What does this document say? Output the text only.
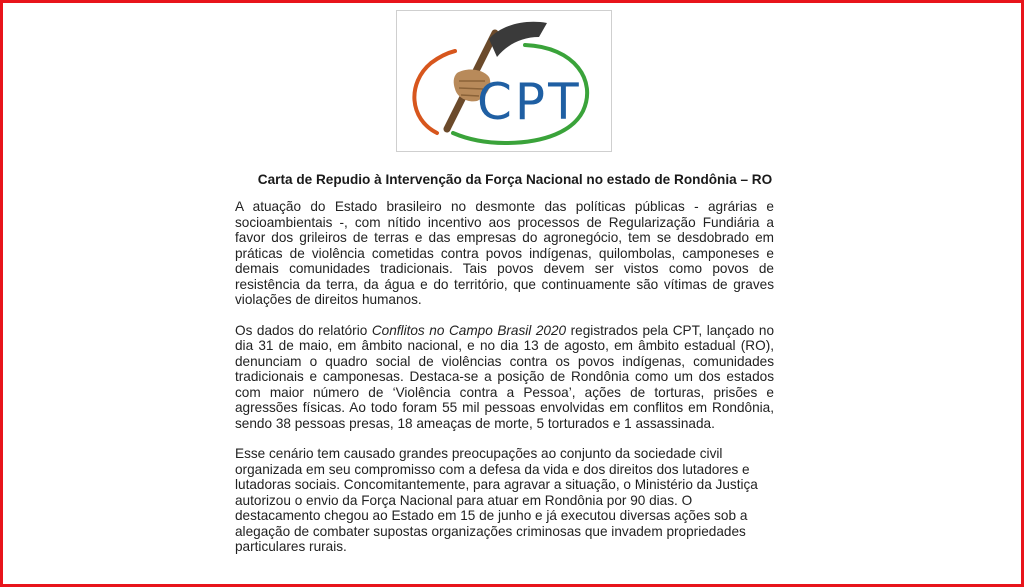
CPT
Carta de Repudio à Intervenção da Força Nacional no estado de Rondônia – RO

A atuação do Estado brasileiro no desmonte das políticas públicas - agrárias e socioambientais -, com nítido incentivo aos processos de Regularização Fundiária a favor dos grileiros de terras e das empresas do agronegócio, tem se desdobrado em práticas de violência cometidas contra povos indígenas, quilombolas, camponeses e demais comunidades tradicionais. Tais povos devem ser vistos como povos de resistência da terra, da água e do território, que continuamente são vítimas de graves violações de direitos humanos.

Os dados do relatório Conflitos no Campo Brasil 2020 registrados pela CPT, lançado no dia 31 de maio, em âmbito nacional, e no dia 13 de agosto, em âmbito estadual (RO), denunciam o quadro social de violências contra os povos indígenas, comunidades tradicionais e camponesas. Destaca-se a posição de Rondônia como um dos estados com maior número de ‘Violência contra a Pessoa’, ações de torturas, prisões e agressões físicas. Ao todo foram 55 mil pessoas envolvidas em conflitos em Rondônia, sendo 38 pessoas presas, 18 ameaças de morte, 5 torturados e 1 assassinada.

Esse cenário tem causado grandes preocupações ao conjunto da sociedade civil organizada em seu compromisso com a defesa da vida e dos direitos dos lutadores e lutadoras sociais. Concomitantemente, para agravar a situação, o Ministério da Justiça autorizou o envio da Força Nacional para atuar em Rondônia por 90 dias. O destacamento chegou ao Estado em 15 de junho e já executou diversas ações sob a alegação de combater supostas organizações criminosas que invadem propriedades particulares rurais.
